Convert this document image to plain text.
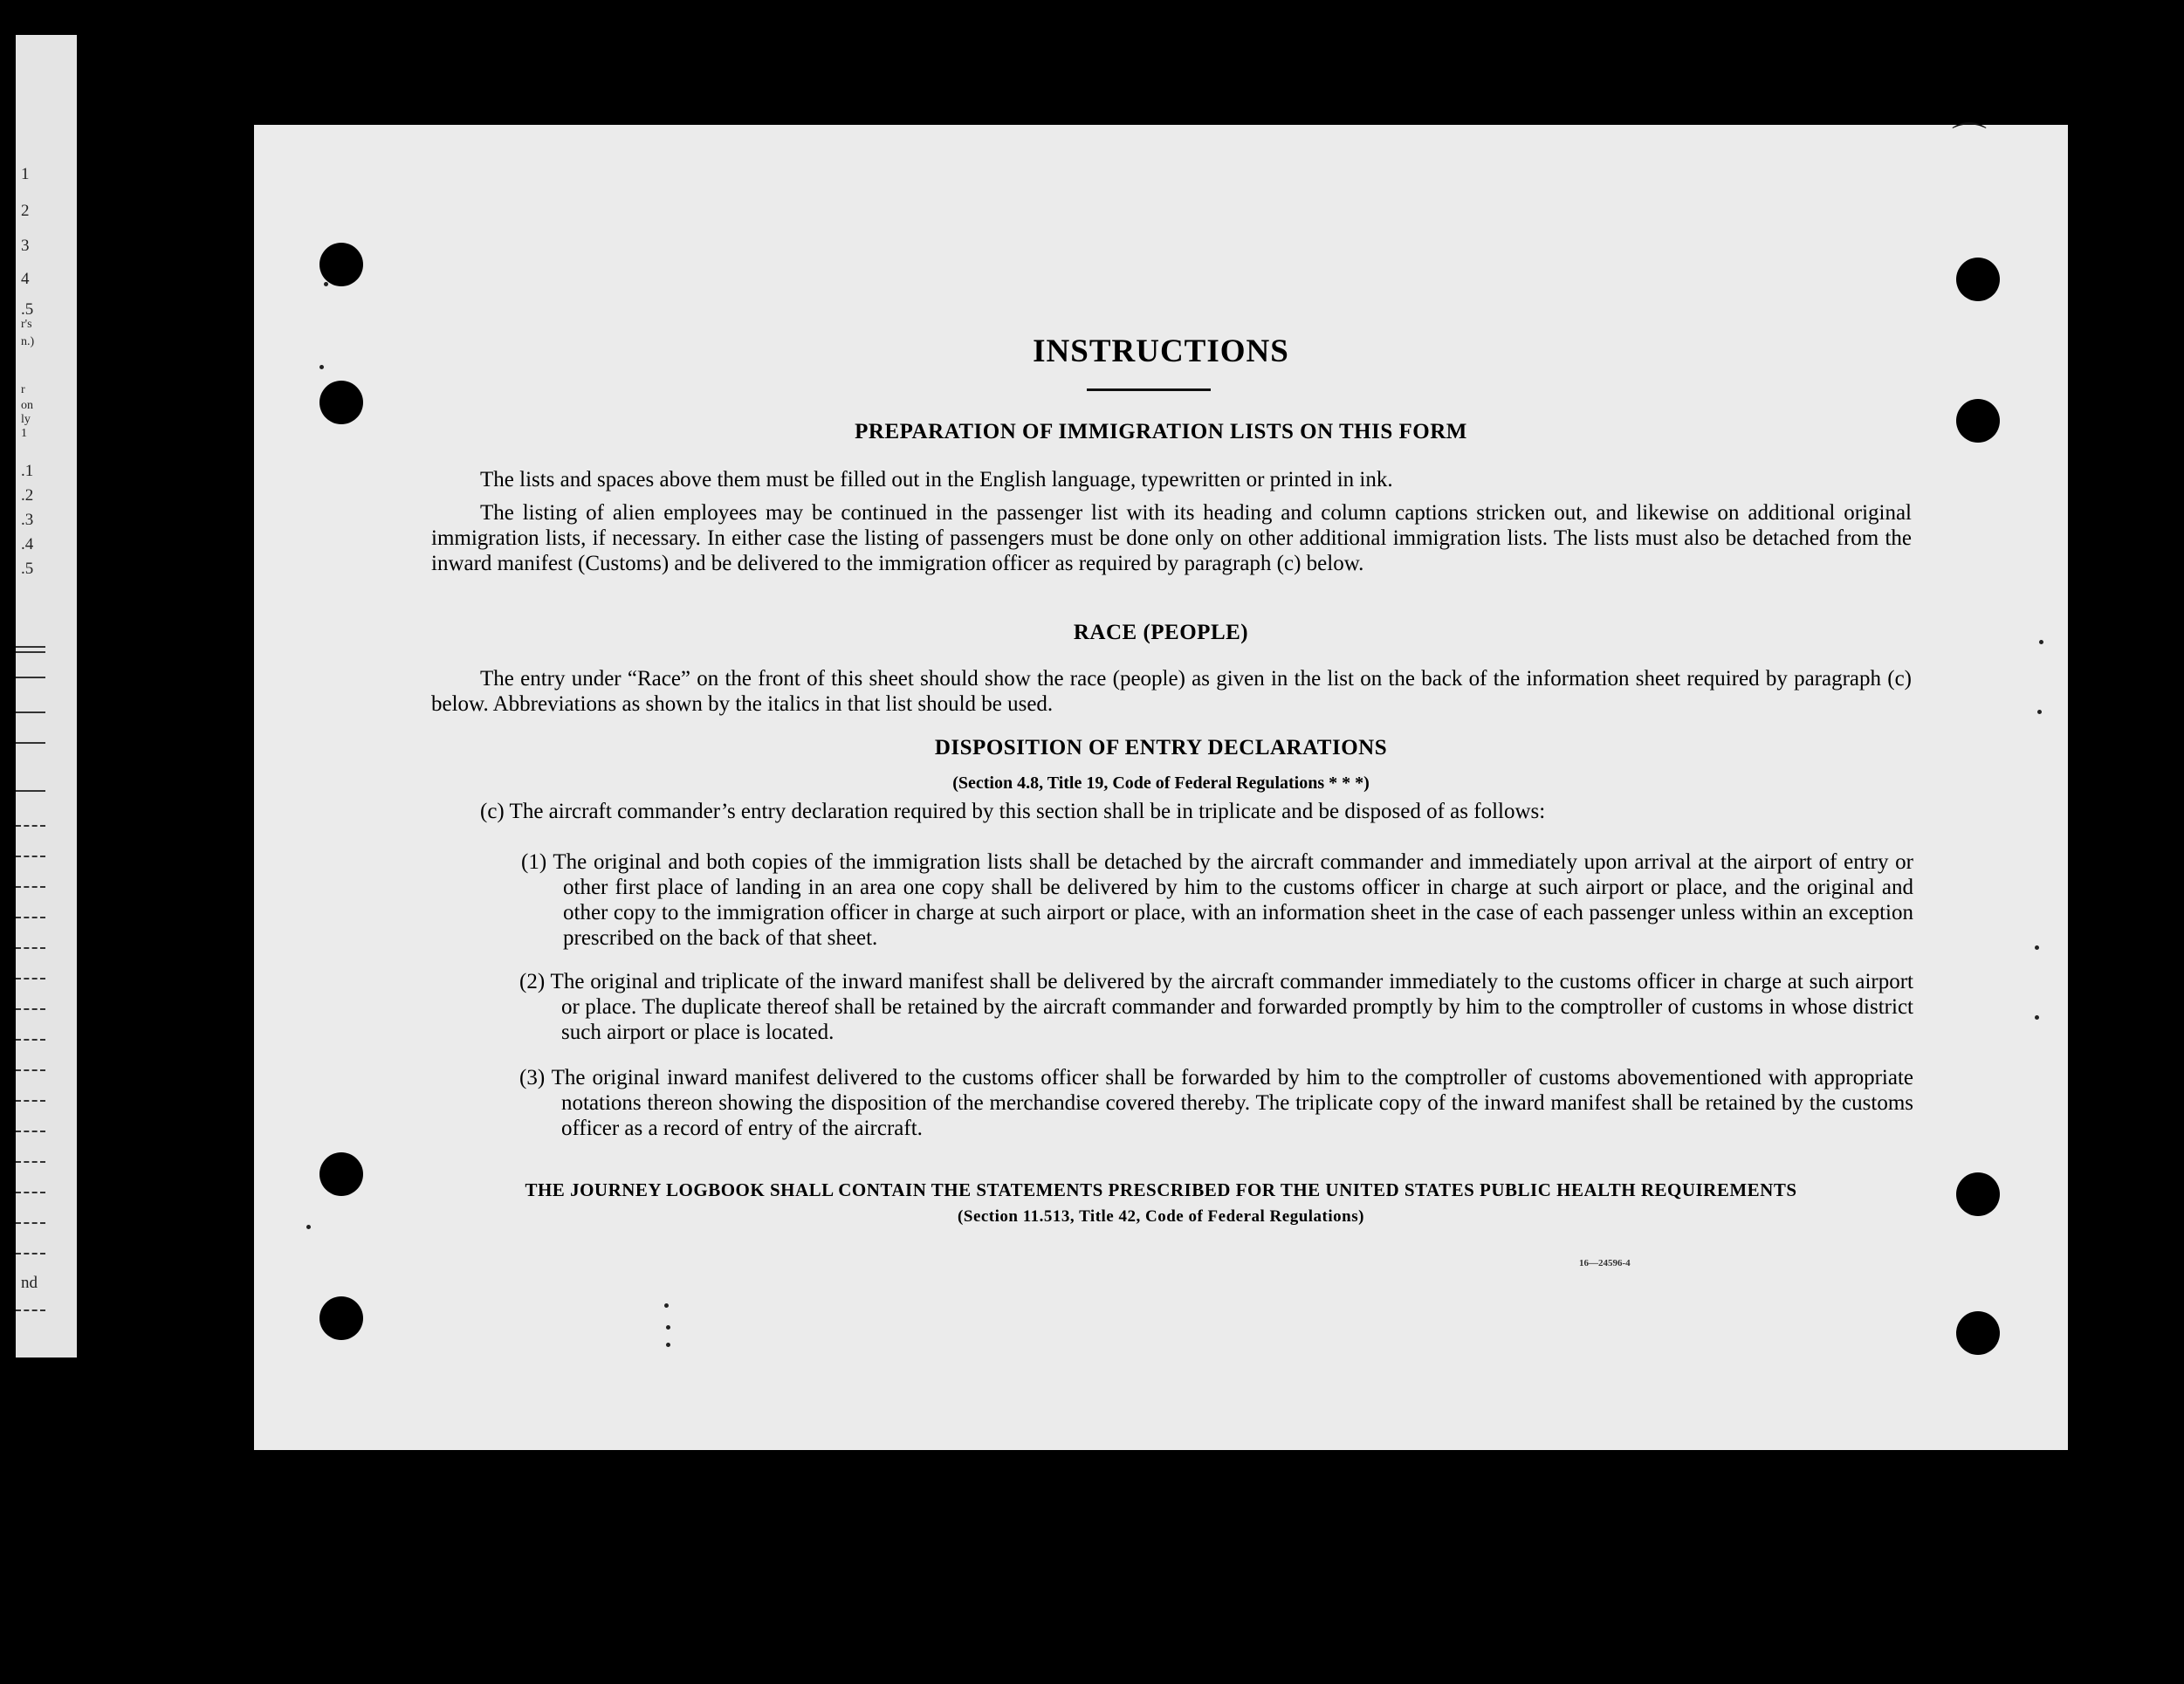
1
2
3
4
.5
r's
n.)
r
on
ly
1
.1
.2
.3
.4
.5
nd
⌒
INSTRUCTIONS
PREPARATION OF IMMIGRATION LISTS ON THIS FORM
The lists and spaces above them must be filled out in the English language, typewritten or printed in ink.
The listing of alien employees may be continued in the passenger list with its heading and column captions stricken out, and likewise on additional original immigration lists, if necessary. In either case the listing of passengers must be done only on other additional immigration lists. The lists must also be detached from the inward manifest (Customs) and be delivered to the immigration officer as required by paragraph (c) below.
RACE (PEOPLE)
The entry under “Race” on the front of this sheet should show the race (people) as given in the list on the back of the information sheet required by paragraph (c) below. Abbreviations as shown by the italics in that list should be used.
DISPOSITION OF ENTRY DECLARATIONS
(Section 4.8, Title 19, Code of Federal Regulations * * *)
(c) The aircraft commander’s entry declaration required by this section shall be in triplicate and be disposed of as follows:
(1) The original and both copies of the immigration lists shall be detached by the aircraft commander and immediately upon arrival at the airport of entry or other first place of landing in an area one copy shall be delivered by him to the customs officer in charge at such airport or place, and the original and other copy to the immigration officer in charge at such airport or place, with an information sheet in the case of each passenger unless within an exception prescribed on the back of that sheet.
(2) The original and triplicate of the inward manifest shall be delivered by the aircraft commander immediately to the customs officer in charge at such airport or place. The duplicate thereof shall be retained by the aircraft commander and forwarded promptly by him to the comptroller of customs in whose district such airport or place is located.
(3) The original inward manifest delivered to the customs officer shall be forwarded by him to the comptroller of customs abovementioned with appropriate notations thereon showing the disposition of the merchandise covered thereby. The triplicate copy of the inward manifest shall be retained by the customs officer as a record of entry of the aircraft.
THE JOURNEY LOGBOOK SHALL CONTAIN THE STATEMENTS PRESCRIBED FOR THE UNITED STATES PUBLIC HEALTH REQUIREMENTS
(Section 11.513, Title 42, Code of Federal Regulations)
16—24596-4
